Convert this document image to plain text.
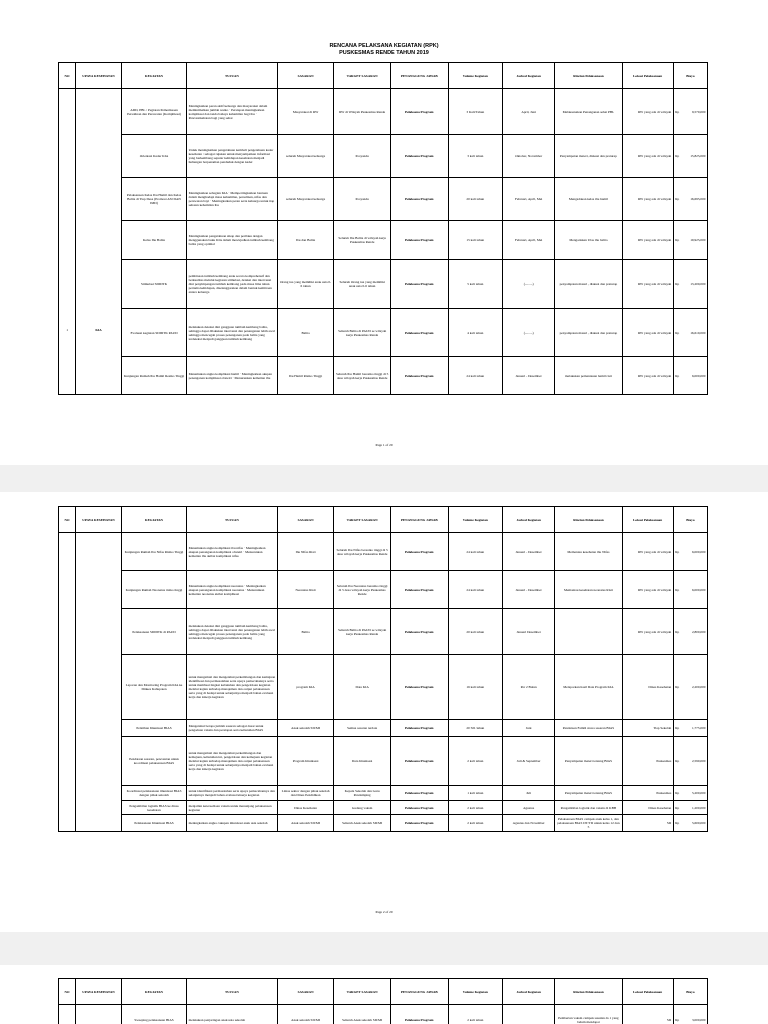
RENCANA PELAKSANA KEGIATAN (RPK)
PUSKESMAS RENDE TAHUN 2019
NO	UPAYA KESEHATAN	KEGIATAN	TUJUAN	SASARAN	TARGET SASARAN	PENANGGUNG JAWAB	Volume Kegiatan	Jadwal Kegiatan	Rincian Pelaksanaan	Lokasi Pelaksanaan	Biaya
1	KIA	ADD, PBL / Pegiatan Pemeriksaan Persalinan dan Perawatan (Komplikasi)	Meningkatkan peran aktif keluarga dan masyarakat dalam meminimalkan jumlah resiko · Persiapan meningkatkan komplikasi dan tanda bahaya kehamilan bagi ibu · Pencatatkehatan bagi yang sehat	Masyarakat di RW	RW di Wilayah Puskesmas Rende	Pelaksana Program	3 Kali/Tahun	April, Juni	Melaksanakan Penanganan sehat PBL	RW yang ada di wilayah	Rp 9,570,000

		Orientasi Kader KIA	Untuk meningkatkan pengetahuan kembali pengetahuan kader kesehatan : sebagai rujukan untuk menyampaikan informasi yang berkembang seputar kehidupan kesehatan menjadi hubungan berpenaman penduduk dengan kader	seluruh Masyarakat keluarga	Posyandu	Pelaksana Program	3 kali tahun	Oktober, November	Penyampaian materi, diskusi dan praturap	RW yang ada di wilayah	Rp 15,825,000

		Pelaksanaan Kelas Ibu Hamil dan Kelas Balita di Tiap Desa (Promosi ASI DAN IMD)	Meningkatkan sebagian KIA · Mempertingkatkan bantuan dalam menghadapi masa kehamilan, persalinan, nifas dan perawatan bayi · Meningkatkan peran serta keluarga untuk tiap sehatan kehamilan ibu	seluruh Masyarakat keluarga	Posyandu	Pelaksana Program	20 kali tahun	Februari, April, Mei	Mengadakan kelas ibu hamil	RW yang ada di wilayah	Rp 16,695,000

		Kelas Ibu Balita	Meningkatkan pengetahuan sikap dan perilaku dengan menggunakan buku KIA dalam mewujudkan tumbuh kembang balita yang optimal	Ibu dan Balita	Seluruh Ibu Balita di wilayah kerja Puskesmas Rende	Pelaksana Program	15 kali tahun	Februari, April, Mei	Mengadakan Ulas ibu balita	RW yang ada di wilayah	Rp 19,925,000

		Stimulasi SDIDTK	pembinaan tumbuh kembang anak secara komprehensif dan berkualitas melalui kegiatan stimulasi, deteksi dan intervensi dini penyimpangan tumbuh kembang pada masa lima tahun pertama kehidupan, diselenggarakan dalam bentuk kemitraan antara keluarga	Orang tua yang memiliki anak usia 0-6 tahun	Seluruh Orang tua yang memiliki anak usia 0-6 tahun	Pelaksana Program	5 kali tahun	(.........)	penyampaian materi , diskusi dan praturap	RW yang ada di wilayah	Rp 13,200,000

		Evaluasi kegiatan SDIDTK PAUD	melakukan deteksi dini gangguan tumbuh kembang balita, sehingga dapat dilakukan intervensi dan penanganan lebih awal sehingga mencegah proses penanganan pada balita yang terdeteksi menjadi gangguan tumbuh kembang	Balita	Seluruh Balita di PAUD se wilayah kerja Puskesmas Rende	Pelaksana Program	4 kali tahun	(.........)	penyampaian materi , diskusi dan praturap	RW yang ada di wilayah	Rp 16,610,000

		Kunjungan Rumah Ibu Hamil Resiko Tinggi	Menemukan angka komplikasi hamil · Meningkatkan akupan penanganan komplikasi obstetri · Menurunkan kematian ibu	Ibu Hamil Risiko Tinggi	Seluruh Ibu Hamil beresiko tinggi di 5 desa wilayah kerja Puskesmas Rende	Pelaksana Program	24 kali tahun	Januari - Desember	melakukan pemantauan hamil risti	RW yang ada di wilayah	Rp 6,000,000
Page 1 of 20
NO	UPAYA KESEHATAN	KEGIATAN	TUJUAN	SASARAN	TARGET SASARAN	PENANGGUNG JAWAB	Volume Kegiatan	Jadwal Kegiatan	Rincian Pelaksanaan	Lokasi Pelaksanaan	Biaya
		Kunjungan Rumah Ibu Nifas Risiko Tinggi	Menemukan angka komplikasi ibu nifas · Meningkatkan akupan penanganan komplikasi obstetri · Menurunkan kematian ibu akibat komplikasi nifas	Ibu Nifas Risti	Seluruh Ibu Nifas beresiko tinggi di 5 desa wilayah kerja Puskesmas Rende	Pelaksana Program	24 kali tahun	Januari - Desember	Memantau kesehatan ibu Nifas	RW yang ada di wilayah	Rp 6,000,000

		Kunjungan Rumah Neonatus risiko tinggi	Menemukan angka komplikasi neonatus · Meningkatkan akupan penanganan komplikasi neonatus · Menurunkan kematian neonatus akibat komplikasi	Neonatus Risti	Seluruh Ibu Neonatus beresiko tinggi di 5 desa wilayah kerja Puskesmas Rende	Pelaksana Program	24 kali tahun	Januari - Desember	Memantau kesehatan neonatus Risti	RW yang ada di wilayah	Rp 6,000,000

		Pelaksanaan SDIDTK di PAUD	melakukan deteksi dini gangguan tumbuh kembang balita, sehingga dapat dilakukan intervensi dan penanganan lebih awal sehingga mencegah proses penanganan pada balita yang terdeteksi menjadi gangguan tumbuh kembang	Balita	Seluruh Balita di PAUD se wilayah kerja Puskesmas Rende	Pelaksana Program	20 kali tahun	Januari Desember		RW yang ada di wilayah	Rp 2,800,000

		Laporan dan Monitoring Program KIA ke Dinkes Kabupaten	untuk mengamati dan mengetahui perkembangan dan kemajuan identifikasi dan permasalahan serta upaya pemecahannya serta untuk membuat tingkat kebutuhan dan pengelolaan kegiatan melalui kajian terhadap manajemen dan output pelaksanaan serta yang di hadapi untuk selanjutnya menjadi bahan evaluasi kerja dan kinerja kegiatan	program KIA	Data KIA	Pelaksana Program	16 kali tahun	Per 2 Bulan	Melaporkan hasil Data Program KIA	Dinas Kesehatan	Rp 2,200,000

		Pelatihan Imunisasi BIAS	Mengetahui berapa jumlah sasaran sebagai dasar untuk pengadaan vaksin dan persiapan serta kebutuhan BIAS	Anak sekolah SD/MI	Semua sasaran terdata	Pelaksana Program	20 SD /tahun	Juni	Pendataan Famili siswa sasaran BIAS	Tiap Sekolah	Rp 1,775,000

		Pendataan sasaran, pencatatan untuk koordinasi pelaksanaan BIAS	untuk mengamati dan mengetahui perkembangan dan kemajuan, kebutuhan ini, pengelolaan dan kemajuan kegiatan melalui kajian terhadap manajemen dan output pelaksanaan serta yang di hadapi untuk selanjutnya menjadi bahan evaluasi kerja dan kinerja kegiatan	Program Imunisasi	Data Imunisasi	Pelaksana Program	2 kali tahun	Juli & September	Penyampaian materi tentang BIAS	Puskesmas	Rp 2,590,000

		Koordinasi pelaksanaan imunisasi BIAS dengan pihak sekolah	untuk identifikasi permasalahan serta upaya pemecahannya dan selanjutnya menjadi bahan evaluasi kinerja kegiatan	Lintas sektor dengan pihak sekolah dan Dinas Pendidikan	Kepala Sekolah dan Guru Pendamping	Pelaksana Program	1 kali tahun	Juli	Penyampaian materi tentang BIAS	Puskesmas	Rp 5,200,000

		Pengambilan logistik BIAS ke dinas kesehatan	menjamin ketersediaan vaksin untuk menunjang pelaksanaan kegiatan	Dinas Kesehatan	Gudang vaksin	Pelaksana Program	2 kali tahun	Agustus	Pengambilan logistik dan vaksin di KBB	Dinas Kesehatan	Rp 1,200,000

		Pelaksanaan Imunisasi BIAS	meningkatkan angka cakupan imunisasi anak usia sekolah	Anak sekolah SD/MI	Seluruh Anak sekolah SD/MI	Pelaksana Program	2 kali tahun	Agustus dan November	Pelaksanaan BIAS campak anak kelas 1, dan pelaksanaan BIAS DT/TD untuk kelas 12 dan 5	SD	Rp 5,600,000
Page 2 of 20
NO	UPAYA KESEHATAN	KEGIATAN	TUJUAN	SASARAN	TARGET SASARAN	PENANGGUNG JAWAB	Volume Kegiatan	Jadwal Kegiatan	Rincian Pelaksanaan	Lokasi Pelaksanaan	Biaya
		Sweeping pelaksanaan BIAS	melakukan penjaringan anak usia sekolah	Anak sekolah SD/MI	Seluruh Anak sekolah SD/MI	Pelaksana Program	2 kali tahun		Pemberian vaksin campak susulan ds 1 yang belum mendapat	SD	Rp 3,000,000
